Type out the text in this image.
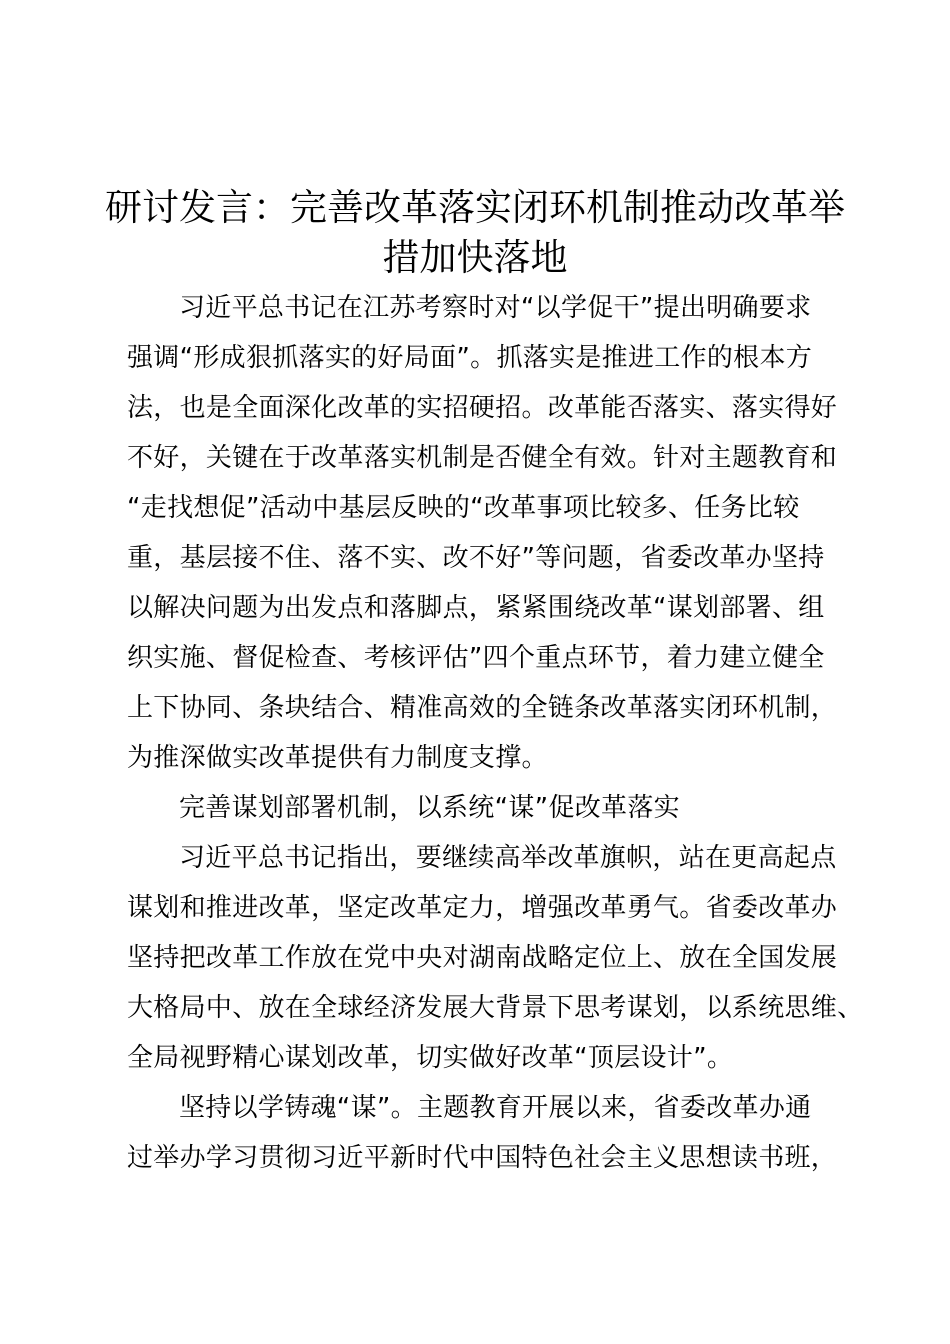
研讨发言：完善改革落实闭环机制推动改革举
措加快落地
习近平总书记在江苏考察时对“以学促干”提出明确要求
强调“形成狠抓落实的好局面”。抓落实是推进工作的根本方
法，也是全面深化改革的实招硬招。改革能否落实、落实得好
不好，关键在于改革落实机制是否健全有效。针对主题教育和
“走找想促”活动中基层反映的“改革事项比较多、任务比较
重，基层接不住、落不实、改不好”等问题，省委改革办坚持
以解决问题为出发点和落脚点，紧紧围绕改革“谋划部署、组
织实施、督促检查、考核评估”四个重点环节，着力建立健全
上下协同、条块结合、精准高效的全链条改革落实闭环机制，
为推深做实改革提供有力制度支撑。
完善谋划部署机制，以系统“谋”促改革落实
习近平总书记指出，要继续高举改革旗帜，站在更高起点
谋划和推进改革，坚定改革定力，增强改革勇气。省委改革办
坚持把改革工作放在党中央对湖南战略定位上、放在全国发展
大格局中、放在全球经济发展大背景下思考谋划，以系统思维、
全局视野精心谋划改革，切实做好改革“顶层设计”。
坚持以学铸魂“谋”。主题教育开展以来，省委改革办通
过举办学习贯彻习近平新时代中国特色社会主义思想读书班，
